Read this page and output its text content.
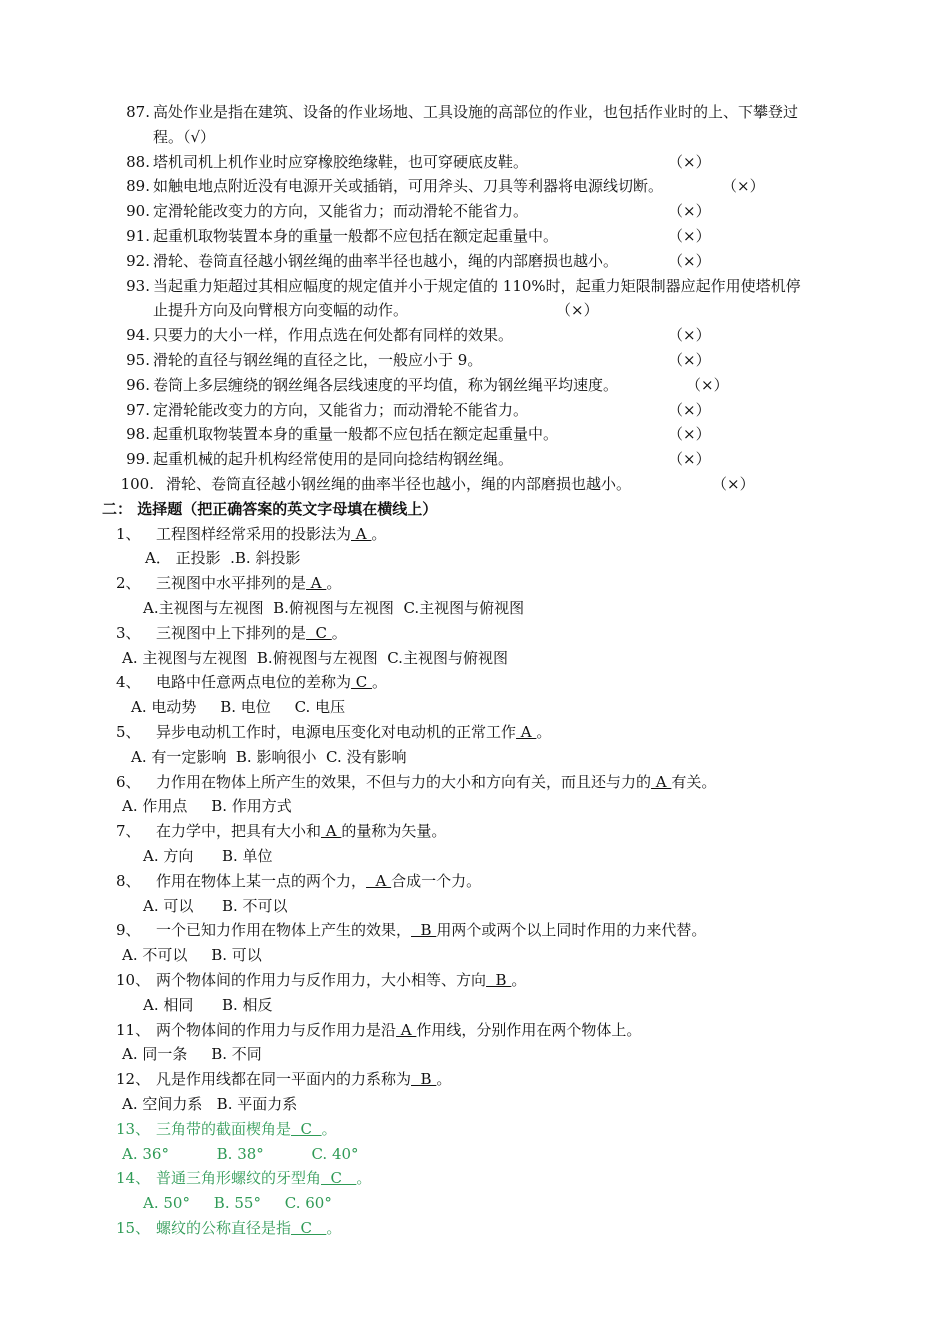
87. 高处作业是指在建筑、设备的作业场地、工具设施的高部位的作业，也包括作业时的上、下攀登过
程。（√）
88. 塔机司机上机作业时应穿橡胶绝缘鞋，也可穿硬底皮鞋。	（×）
89. 如触电地点附近没有电源开关或插销，可用斧头、刀具等利器将电源线切断。	（×）
90. 定滑轮能改变力的方向，又能省力；而动滑轮不能省力。	（×）
91. 起重机取物装置本身的重量一般都不应包括在额定起重量中。	（×）
92. 滑轮、卷筒直径越小钢丝绳的曲率半径也越小，绳的内部磨损也越小。	（×）
93. 当起重力矩超过其相应幅度的规定值并小于规定值的 110%时，起重力矩限制器应起作用使塔机停
止提升方向及向臂根方向变幅的动作。	（×）
94. 只要力的大小一样，作用点选在何处都有同样的效果。	（×）
95. 滑轮的直径与钢丝绳的直径之比，一般应小于 9。	（×）
96. 卷筒上多层缠绕的钢丝绳各层线速度的平均值，称为钢丝绳平均速度。	（×）
97. 定滑轮能改变力的方向，又能省力；而动滑轮不能省力。	（×）
98. 起重机取物装置本身的重量一般都不应包括在额定起重量中。	（×）
99. 起重机械的起升机构经常使用的是同向捻结构钢丝绳。	（×）
100. 滑轮、卷筒直径越小钢丝绳的曲率半径也越小，绳的内部磨损也越小。	（×）
二： 选择题（把正确答案的英文字母填在横线上）
1、 工程图样经常采用的投影法为 A 。
A． 正投影  .B. 斜投影
2、 三视图中水平排列的是 A 。
A.主视图与左视图  B.俯视图与左视图  C.主视图与俯视图
3、 三视图中上下排列的是  C 。
A. 主视图与左视图  B.俯视图与左视图  C.主视图与俯视图
4、 电路中任意两点电位的差称为 C 。
A. 电动势     B. 电位     C. 电压
5、 异步电动机工作时，电源电压变化对电动机的正常工作 A 。
A. 有一定影响  B. 影响很小  C. 没有影响
6、 力作用在物体上所产生的效果，不但与力的大小和方向有关，而且还与力的 A 有关。
A. 作用点     B. 作用方式
7、 在力学中，把具有大小和 A 的量称为矢量。
A. 方向      B. 单位
8、 作用在物体上某一点的两个力，  A 合成一个力。
A. 可以      B. 不可以
9、 一个已知力作用在物体上产生的效果，  B 用两个或两个以上同时作用的力来代替。
A. 不可以     B. 可以
10、 两个物体间的作用力与反作用力，大小相等、方向  B 。
A. 相同      B. 相反
11、 两个物体间的作用力与反作用力是沿 A 作用线，分别作用在两个物体上。
A. 同一条     B. 不同
12、 凡是作用线都在同一平面内的力系称为  B 。
A. 空间力系   B. 平面力系
13、 三角带的截面楔角是  C  。
A. 36°          B. 38°          C. 40°
14、 普通三角形螺纹的牙型角  C   。
A. 50°     B. 55°     C. 60°
15、 螺纹的公称直径是指  C   。
